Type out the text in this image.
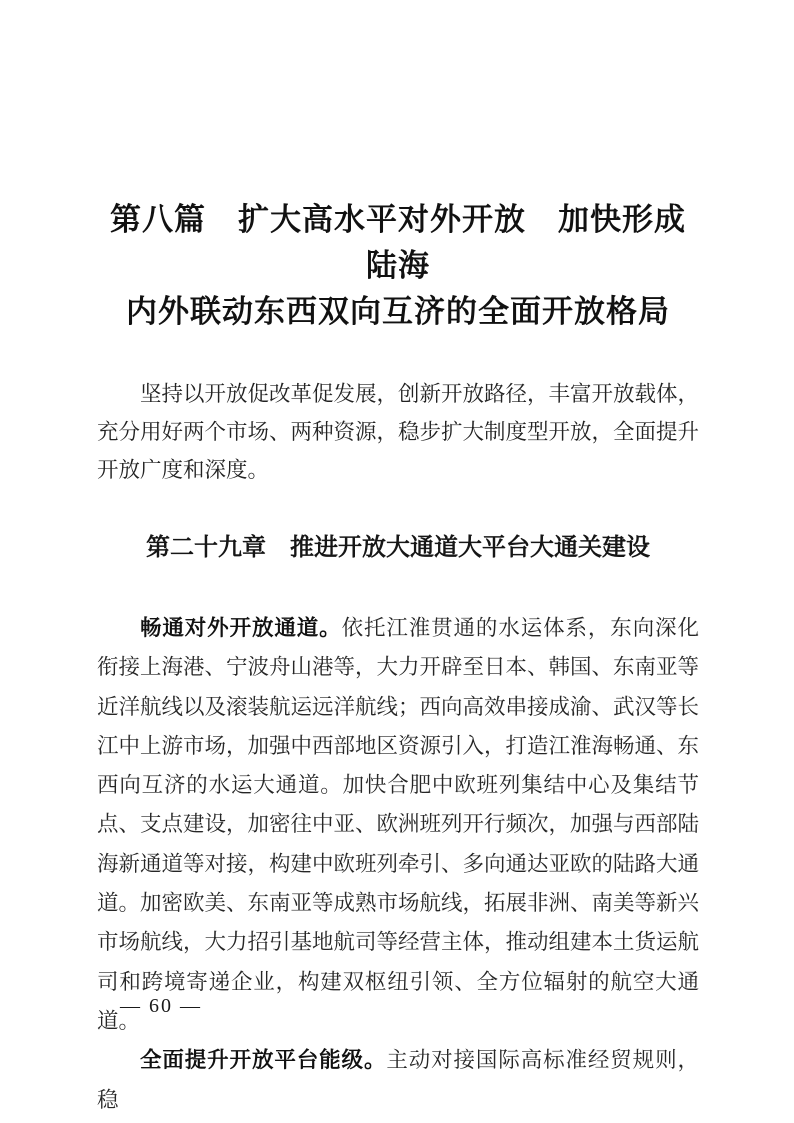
第八篇　扩大高水平对外开放　加快形成陆海
内外联动东西双向互济的全面开放格局
坚持以开放促改革促发展，创新开放路径，丰富开放载体，充分用好两个市场、两种资源，稳步扩大制度型开放，全面提升开放广度和深度。
第二十九章　推进开放大通道大平台大通关建设

畅通对外开放通道。依托江淮贯通的水运体系，东向深化衔接上海港、宁波舟山港等，大力开辟至日本、韩国、东南亚等近洋航线以及滚装航运远洋航线；西向高效串接成渝、武汉等长江中上游市场，加强中西部地区资源引入，打造江淮海畅通、东西向互济的水运大通道。加快合肥中欧班列集结中心及集结节点、支点建设，加密往中亚、欧洲班列开行频次，加强与西部陆海新通道等对接，构建中欧班列牵引、多向通达亚欧的陆路大通道。加密欧美、东南亚等成熟市场航线，拓展非洲、南美等新兴市场航线，大力招引基地航司等经营主体，推动组建本土货运航司和跨境寄递企业，构建双枢纽引领、全方位辐射的航空大通道。

全面提升开放平台能级。主动对接国际高标准经贸规则，稳

— 60 —
